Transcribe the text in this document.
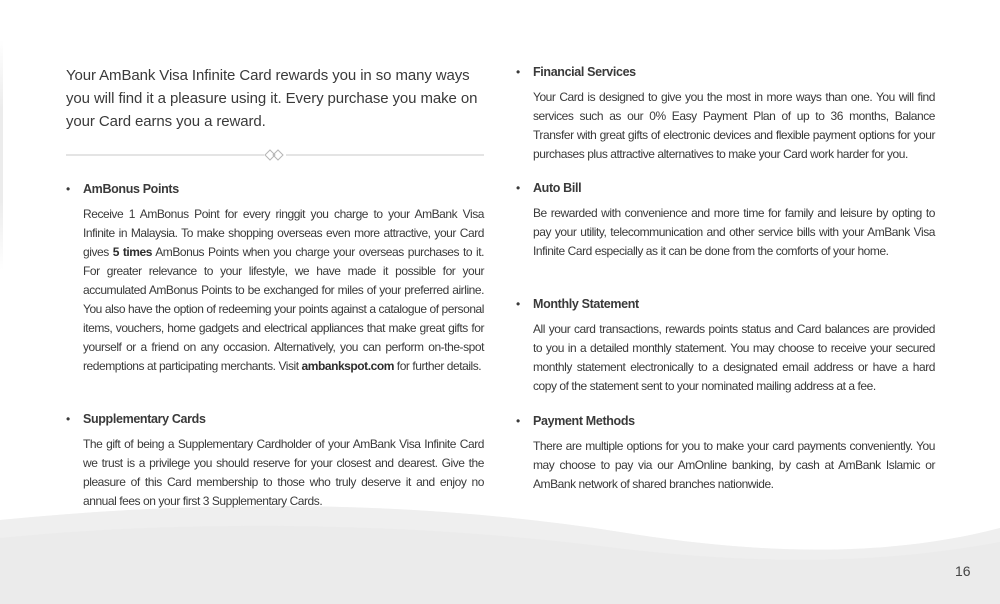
Your AmBank Visa Infinite Card rewards you in so many ways you will find it a pleasure using it. Every purchase you make on your Card earns you a reward.

•	AmBonus Points

Receive 1 AmBonus Point for every ringgit you charge to your AmBank Visa Infinite in Malaysia. To make shopping overseas even more attractive, your Card gives 5 times AmBonus Points when you charge your overseas purchases to it. For greater relevance to your lifestyle, we have made it possible for your accumulated AmBonus Points to be exchanged for miles of your preferred airline. You also have the option of redeeming your points against a catalogue of personal items, vouchers, home gadgets and electrical appliances that make great gifts for yourself or a friend on any occasion. Alternatively, you can perform on-the-spot redemptions at participating merchants. Visit ambankspot.com for further details.

•	Supplementary Cards

The gift of being a Supplementary Cardholder of your AmBank Visa Infinite Card we trust is a privilege you should reserve for your closest and dearest. Give the pleasure of this Card membership to those who truly deserve it and enjoy no annual fees on your first 3 Supplementary Cards.

•	Financial Services

Your Card is designed to give you the most in more ways than one. You will find services such as our 0% Easy Payment Plan of up to 36 months, Balance Transfer with great gifts of electronic devices and flexible payment options for your purchases plus attractive alternatives to make your Card work harder for you.

•	Auto Bill

Be rewarded with convenience and more time for family and leisure by opting to pay your utility, telecommunication and other service bills with your AmBank Visa Infinite Card especially as it can be done from the comforts of your home.

•	Monthly Statement

All your card transactions, rewards points status and Card balances are provided to you in a detailed monthly statement. You may choose to receive your secured monthly statement electronically to a designated email address or have a hard copy of the statement sent to your nominated mailing address at a fee.

•	Payment Methods

There are multiple options for you to make your card payments conveniently. You may choose to pay via our AmOnline banking, by cash at AmBank Islamic or AmBank network of shared branches nationwide.

16
